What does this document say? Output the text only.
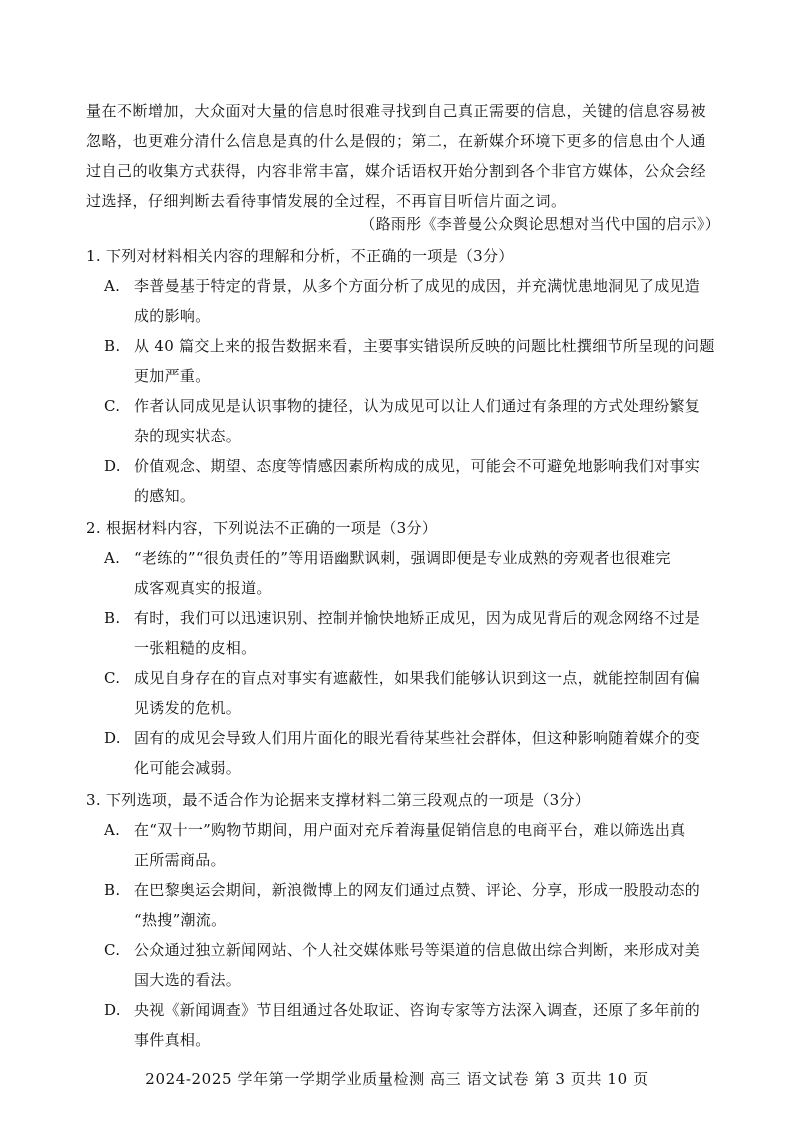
量在不断增加，大众面对大量的信息时很难寻找到自己真正需要的信息，关键的信息容易被

忽略，也更难分清什么信息是真的什么是假的；第二，在新媒介环境下更多的信息由个人通

过自己的收集方式获得，内容非常丰富，媒介话语权开始分割到各个非官方媒体，公众会经

过选择，仔细判断去看待事情发展的全过程，不再盲目听信片面之词。

（路雨彤《李普曼公众舆论思想对当代中国的启示》）

1. 下列对材料相关内容的理解和分析，不正确的一项是（3分）

A. 李普曼基于特定的背景，从多个方面分析了成见的成因，并充满忧患地洞见了成见造
成的影响。
B. 从 40 篇交上来的报告数据来看，主要事实错误所反映的问题比杜撰细节所呈现的问题
更加严重。
C. 作者认同成见是认识事物的捷径，认为成见可以让人们通过有条理的方式处理纷繁复
杂的现实状态。
D. 价值观念、期望、态度等情感因素所构成的成见，可能会不可避免地影响我们对事实
的感知。

2. 根据材料内容，下列说法不正确的一项是（3分）

A. “老练的”“很负责任的”等用语幽默讽刺，强调即便是专业成熟的旁观者也很难完
成客观真实的报道。
B. 有时，我们可以迅速识别、控制并愉快地矫正成见，因为成见背后的观念网络不过是
一张粗糙的皮相。
C. 成见自身存在的盲点对事实有遮蔽性，如果我们能够认识到这一点，就能控制固有偏
见诱发的危机。
D. 固有的成见会导致人们用片面化的眼光看待某些社会群体，但这种影响随着媒介的变
化可能会减弱。

3. 下列选项，最不适合作为论据来支撑材料二第三段观点的一项是（3分）

A. 在“双十一”购物节期间，用户面对充斥着海量促销信息的电商平台，难以筛选出真
正所需商品。
B. 在巴黎奥运会期间，新浪微博上的网友们通过点赞、评论、分享，形成一股股动态的
“热搜”潮流。
C. 公众通过独立新闻网站、个人社交媒体账号等渠道的信息做出综合判断，来形成对美
国大选的看法。
D. 央视《新闻调查》节目组通过各处取证、咨询专家等方法深入调查，还原了多年前的
事件真相。
2024-2025 学年第一学期学业质量检测 高三 语文试卷 第 3 页共 10 页
